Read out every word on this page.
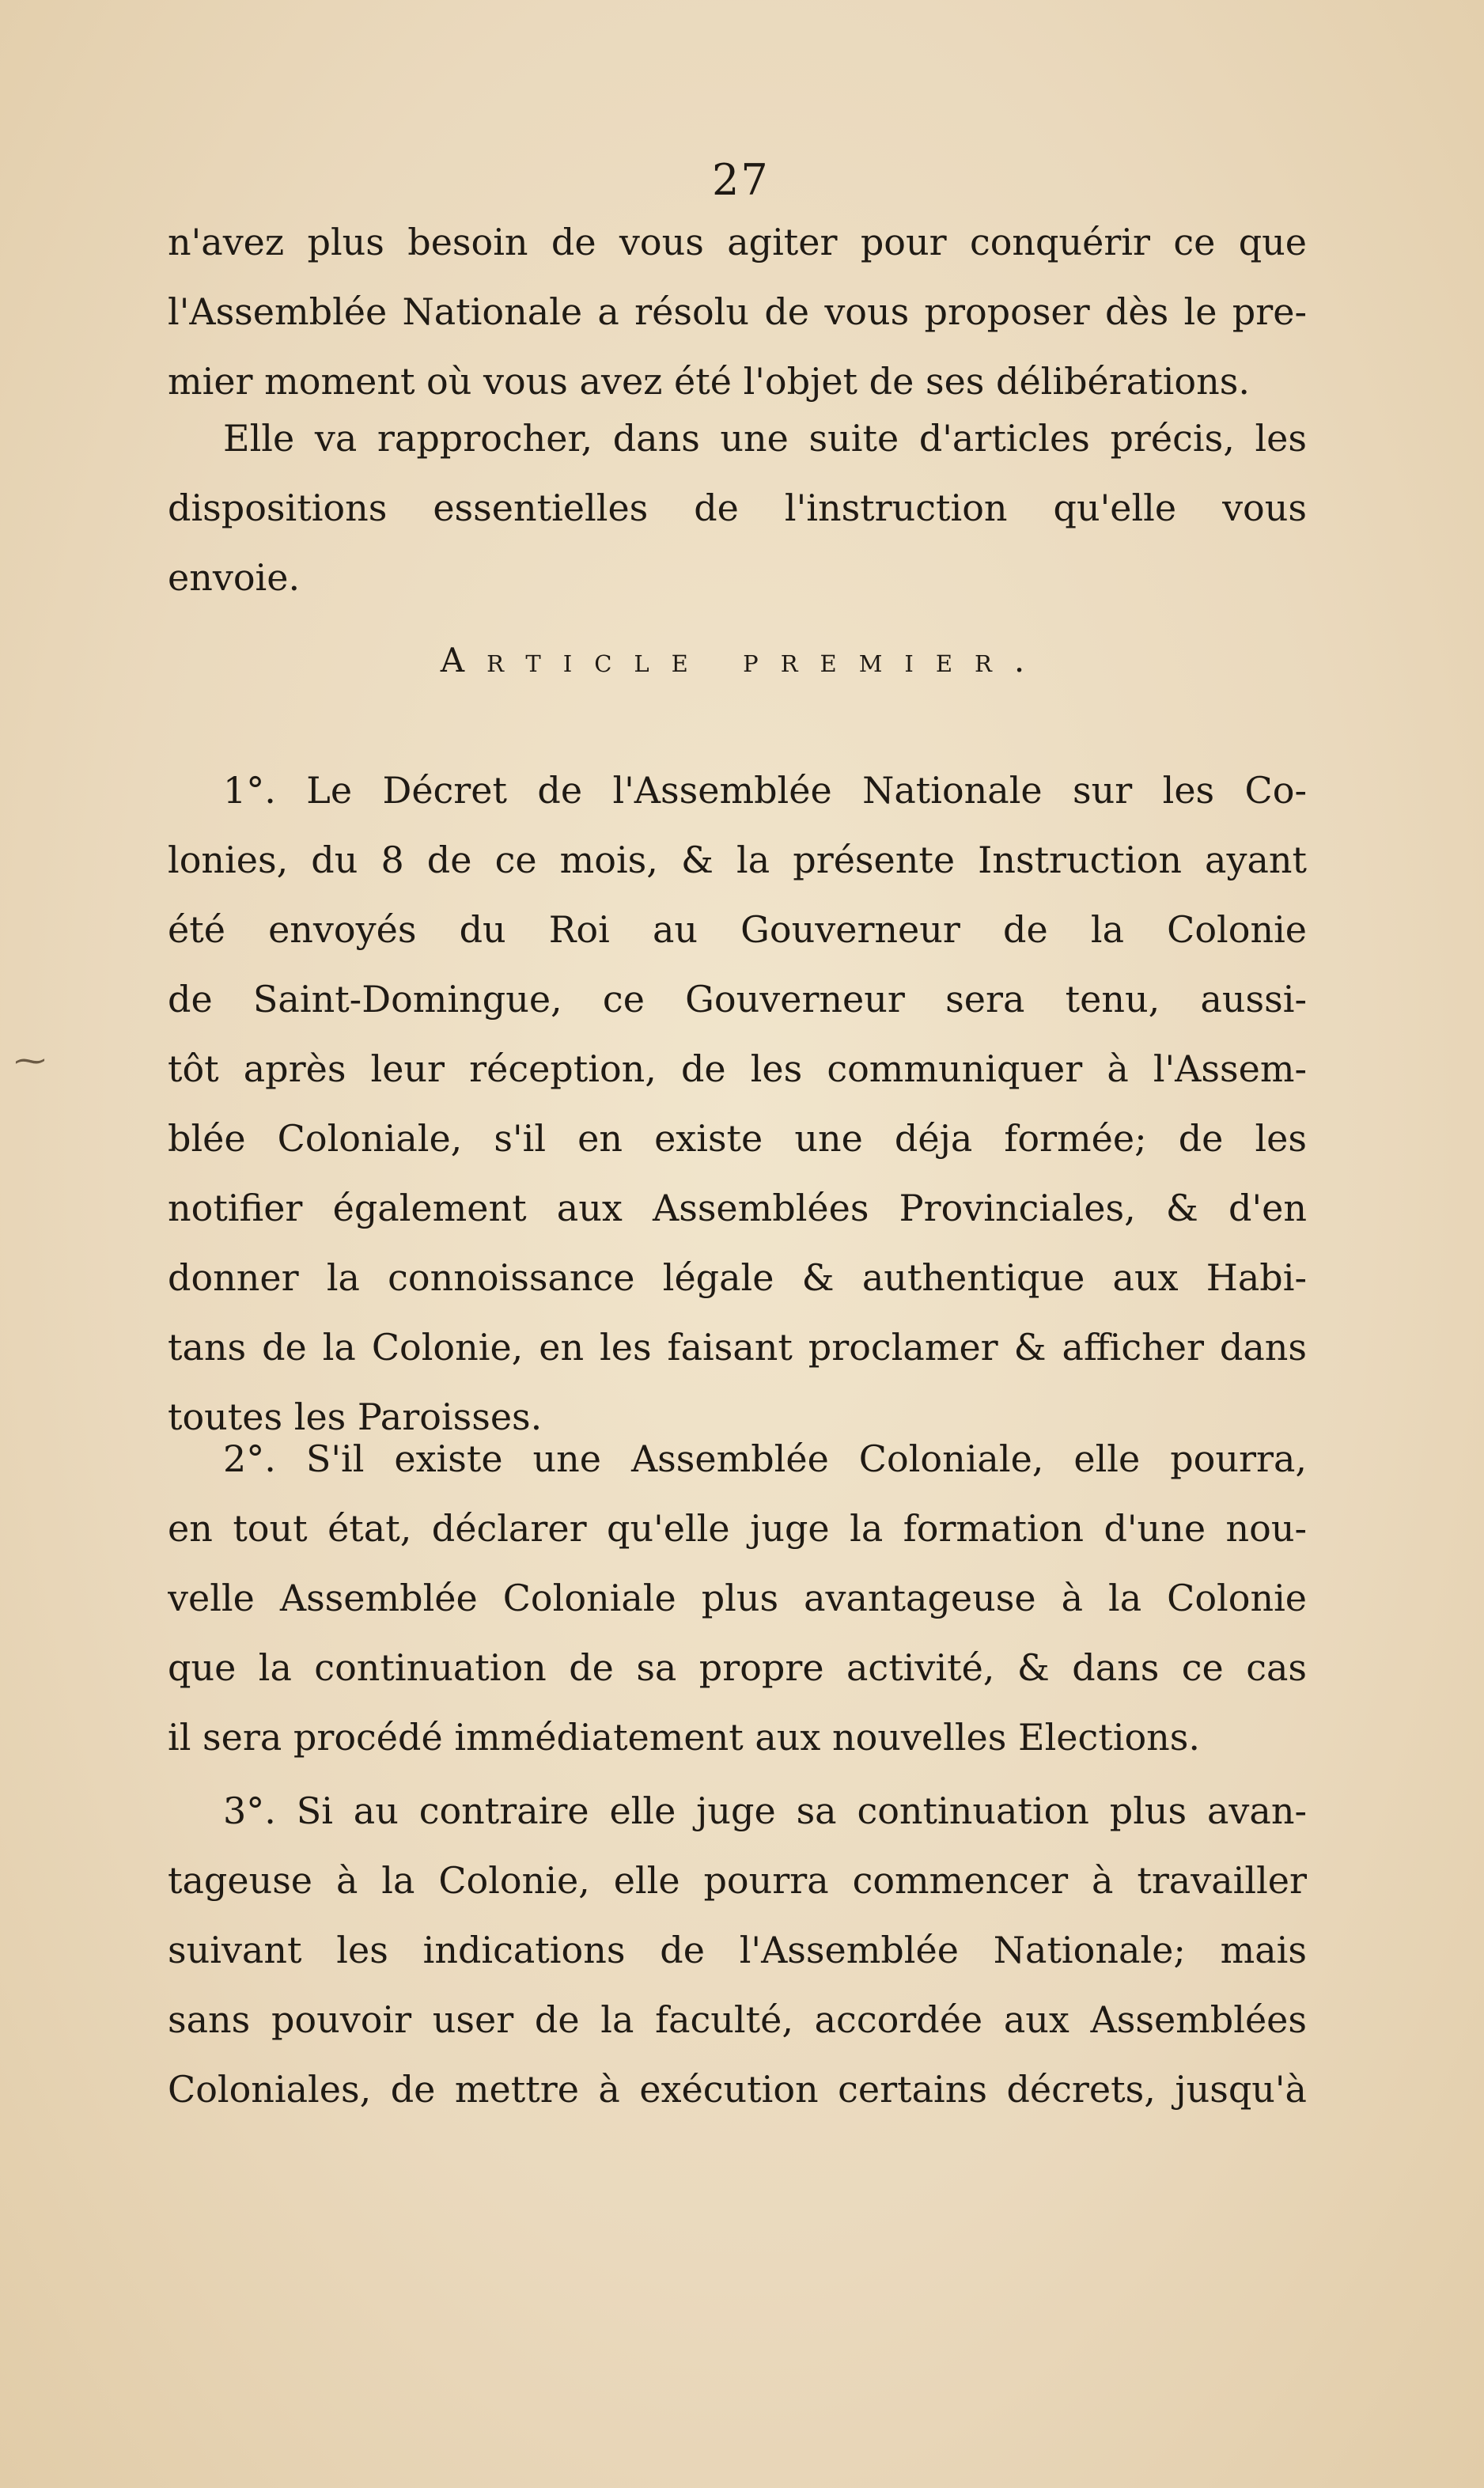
27
n'avez plus besoin de vous agiter pour conquérir ce que
l'Assemblée Nationale a résolu de vous proposer dès le pre-
mier moment où vous avez été l'objet de ses délibérations.
Elle va rapprocher, dans une suite d'articles précis, les
dispositions essentielles de l'instruction qu'elle vous
envoie.
Article premier.
1°. Le Décret de l'Assemblée Nationale sur les Co-
lonies, du 8 de ce mois, & la présente Instruction ayant
été envoyés du Roi au Gouverneur de la Colonie
de Saint-Domingue, ce Gouverneur sera tenu, aussi-
tôt après leur réception, de les communiquer à l'Assem-
blée Coloniale, s'il en existe une déja formée; de les
notifier également aux Assemblées Provinciales, & d'en
donner la connoissance légale & authentique aux Habi-
tans de la Colonie, en les faisant proclamer & afficher dans
toutes les Paroisses.
2°. S'il existe une Assemblée Coloniale, elle pourra,
en tout état, déclarer qu'elle juge la formation d'une nou-
velle Assemblée Coloniale plus avantageuse à la Colonie
que la continuation de sa propre activité, & dans ce cas
il sera procédé immédiatement aux nouvelles Elections.
3°. Si au contraire elle juge sa continuation plus avan-
tageuse à la Colonie, elle pourra commencer à travailler
suivant les indications de l'Assemblée Nationale; mais
sans pouvoir user de la faculté, accordée aux Assemblées
Coloniales, de mettre à exécution certains décrets, jusqu'à
⁓
